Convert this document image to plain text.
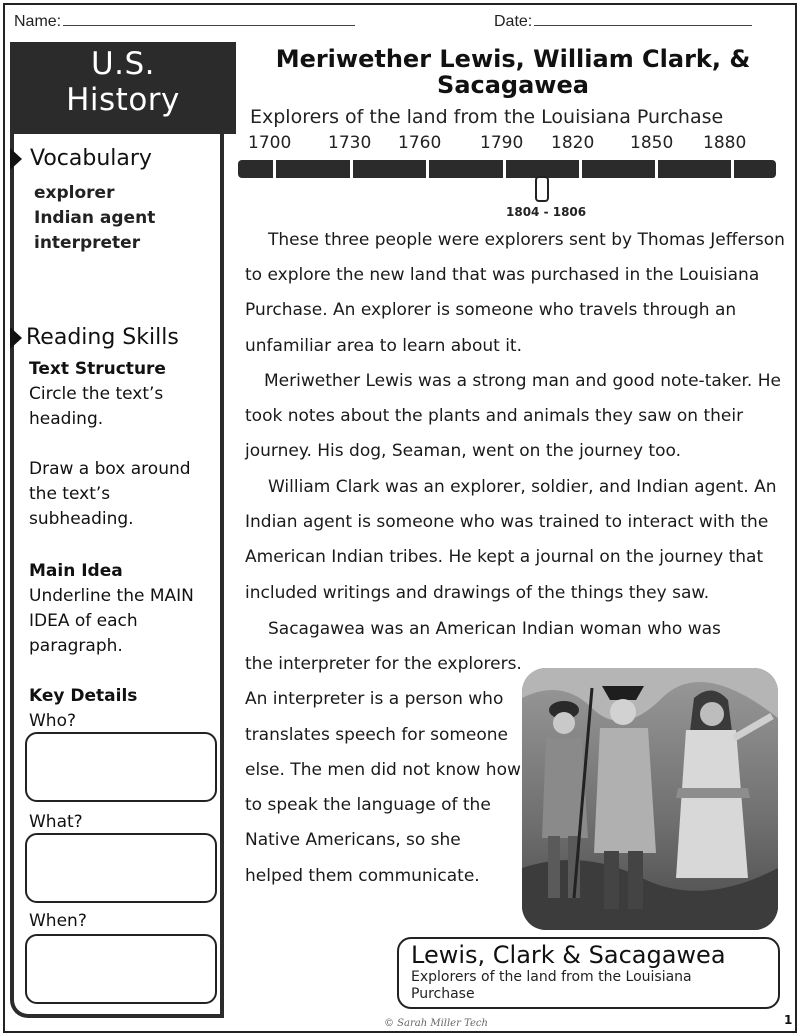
Name:	Date:
U.S.
History
Vocabulary
explorer
Indian agent
interpreter
Reading Skills
Text Structure
Circle the text’s
heading.
Draw a box around
the text’s
subheading.
Main Idea
Underline the MAIN
IDEA of each
paragraph.
Key Details
Who?
What?
When?
Meriwether Lewis, William Clark, &
Sacagawea
Explorers of the land from the Louisiana Purchase
1700 1730 1760 1790 1820 1850 1880
1804 - 1806
These three people were explorers sent by Thomas Jefferson
to explore the new land that was purchased in the Louisiana
Purchase. An explorer is someone who travels through an
unfamiliar area to learn about it.
Meriwether Lewis was a strong man and good note-taker. He
took notes about the plants and animals they saw on their
journey. His dog, Seaman, went on the journey too.
William Clark was an explorer, soldier, and Indian agent. An
Indian agent is someone who was trained to interact with the
American Indian tribes. He kept a journal on the journey that
included writings and drawings of the things they saw.
Sacagawea was an American Indian woman who was
the interpreter for the explorers.
An interpreter is a person who
translates speech for someone
else. The men did not know how
to speak the language of the
Native Americans, so she
helped them communicate.
Lewis, Clark & Sacagawea
Explorers of the land from the Louisiana Purchase
© Sarah Miller Tech	1
